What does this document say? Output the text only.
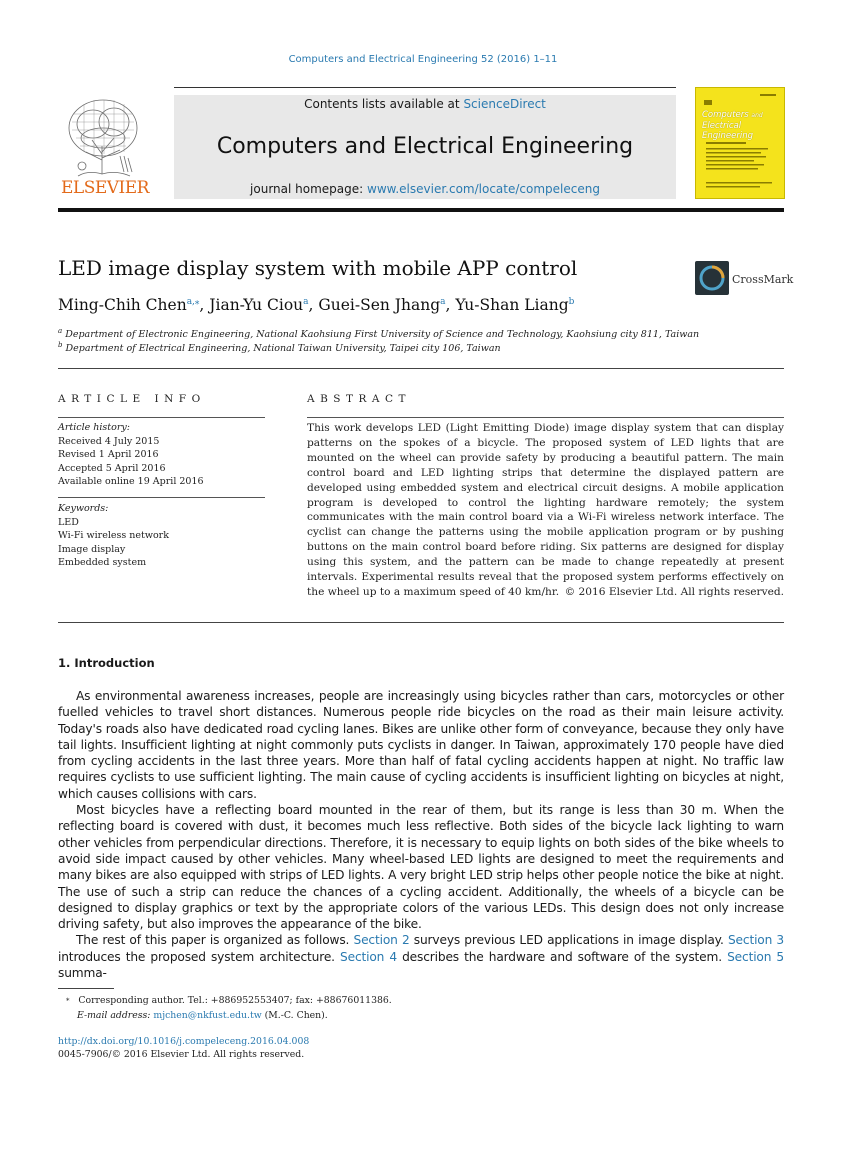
Computers and Electrical Engineering 52 (2016) 1–11
Contents lists available at ScienceDirect
Computers and Electrical Engineering
journal homepage: www.elsevier.com/locate/compeleceng
ELSEVIER
Computers and
Electrical Engineering
LED image display system with mobile APP control	CrossMark
Ming-Chih Chen$^{a,⁎}$, Jian-Yu Ciou$^a$, Guei-Sen Jhang$^a$, Yu-Shan Liang$^b$
$^a$ Department of Electronic Engineering, National Kaohsiung First University of Science and Technology, Kaohsiung city 811, Taiwan
$^b$ Department of Electrical Engineering, National Taiwan University, Taipei city 106, Taiwan
ARTICLE INFO	ABSTRACT
Article history:
Received 4 July 2015
Revised 1 April 2016
Accepted 5 April 2016
Available online 19 April 2016
Keywords:
LED
Wi-Fi wireless network
Image display
Embedded system
This work develops LED (Light Emitting Diode) image display system that can display patterns on the spokes of a bicycle. The proposed system of LED lights that are mounted on the wheel can provide safety by producing a beautiful pattern. The main control board and LED lighting strips that determine the displayed pattern are developed using embedded system and electrical circuit designs. A mobile application program is developed to control the lighting hardware remotely; the system communicates with the main control board via a Wi-Fi wireless network interface. The cyclist can change the patterns using the mobile application program or by pushing buttons on the main control board before riding. Six patterns are designed for display using this system, and the pattern can be made to change repeatedly at present intervals. Experimental results reveal that the proposed system performs effectively on the wheel up to a maximum speed of 40 km/hr. © 2016 Elsevier Ltd. All rights reserved.
1. Introduction

As environmental awareness increases, people are increasingly using bicycles rather than cars, motorcycles or other fuelled vehicles to travel short distances. Numerous people ride bicycles on the road as their main leisure activity. Today's roads also have dedicated road cycling lanes. Bikes are unlike other form of conveyance, because they only have tail lights. Insufficient lighting at night commonly puts cyclists in danger. In Taiwan, approximately 170 people have died from cycling accidents in the last three years. More than half of fatal cycling accidents happen at night. No traffic law requires cyclists to use sufficient lighting. The main cause of cycling accidents is insufficient lighting on bicycles at night, which causes collisions with cars.

Most bicycles have a reflecting board mounted in the rear of them, but its range is less than 30 m. When the reflecting board is covered with dust, it becomes much less reflective. Both sides of the bicycle lack lighting to warn other vehicles from perpendicular directions. Therefore, it is necessary to equip lights on both sides of the bike wheels to avoid side impact caused by other vehicles. Many wheel-based LED lights are designed to meet the requirements and many bikes are also equipped with strips of LED lights. A very bright LED strip helps other people notice the bike at night. The use of such a strip can reduce the chances of a cycling accident. Additionally, the wheels of a bicycle can be designed to display graphics or text by the appropriate colors of the various LEDs. This design does not only increase driving safety, but also improves the appearance of the bike.

The rest of this paper is organized as follows. Section 2 surveys previous LED applications in image display. Section 3 introduces the proposed system architecture. Section 4 describes the hardware and software of the system. Section 5 summa-

⁎ Corresponding author. Tel.: +886952553407; fax: +88676011386.
E-mail address: mjchen@nkfust.edu.tw (M.-C. Chen).
http://dx.doi.org/10.1016/j.compeleceng.2016.04.008
0045-7906/© 2016 Elsevier Ltd. All rights reserved.
